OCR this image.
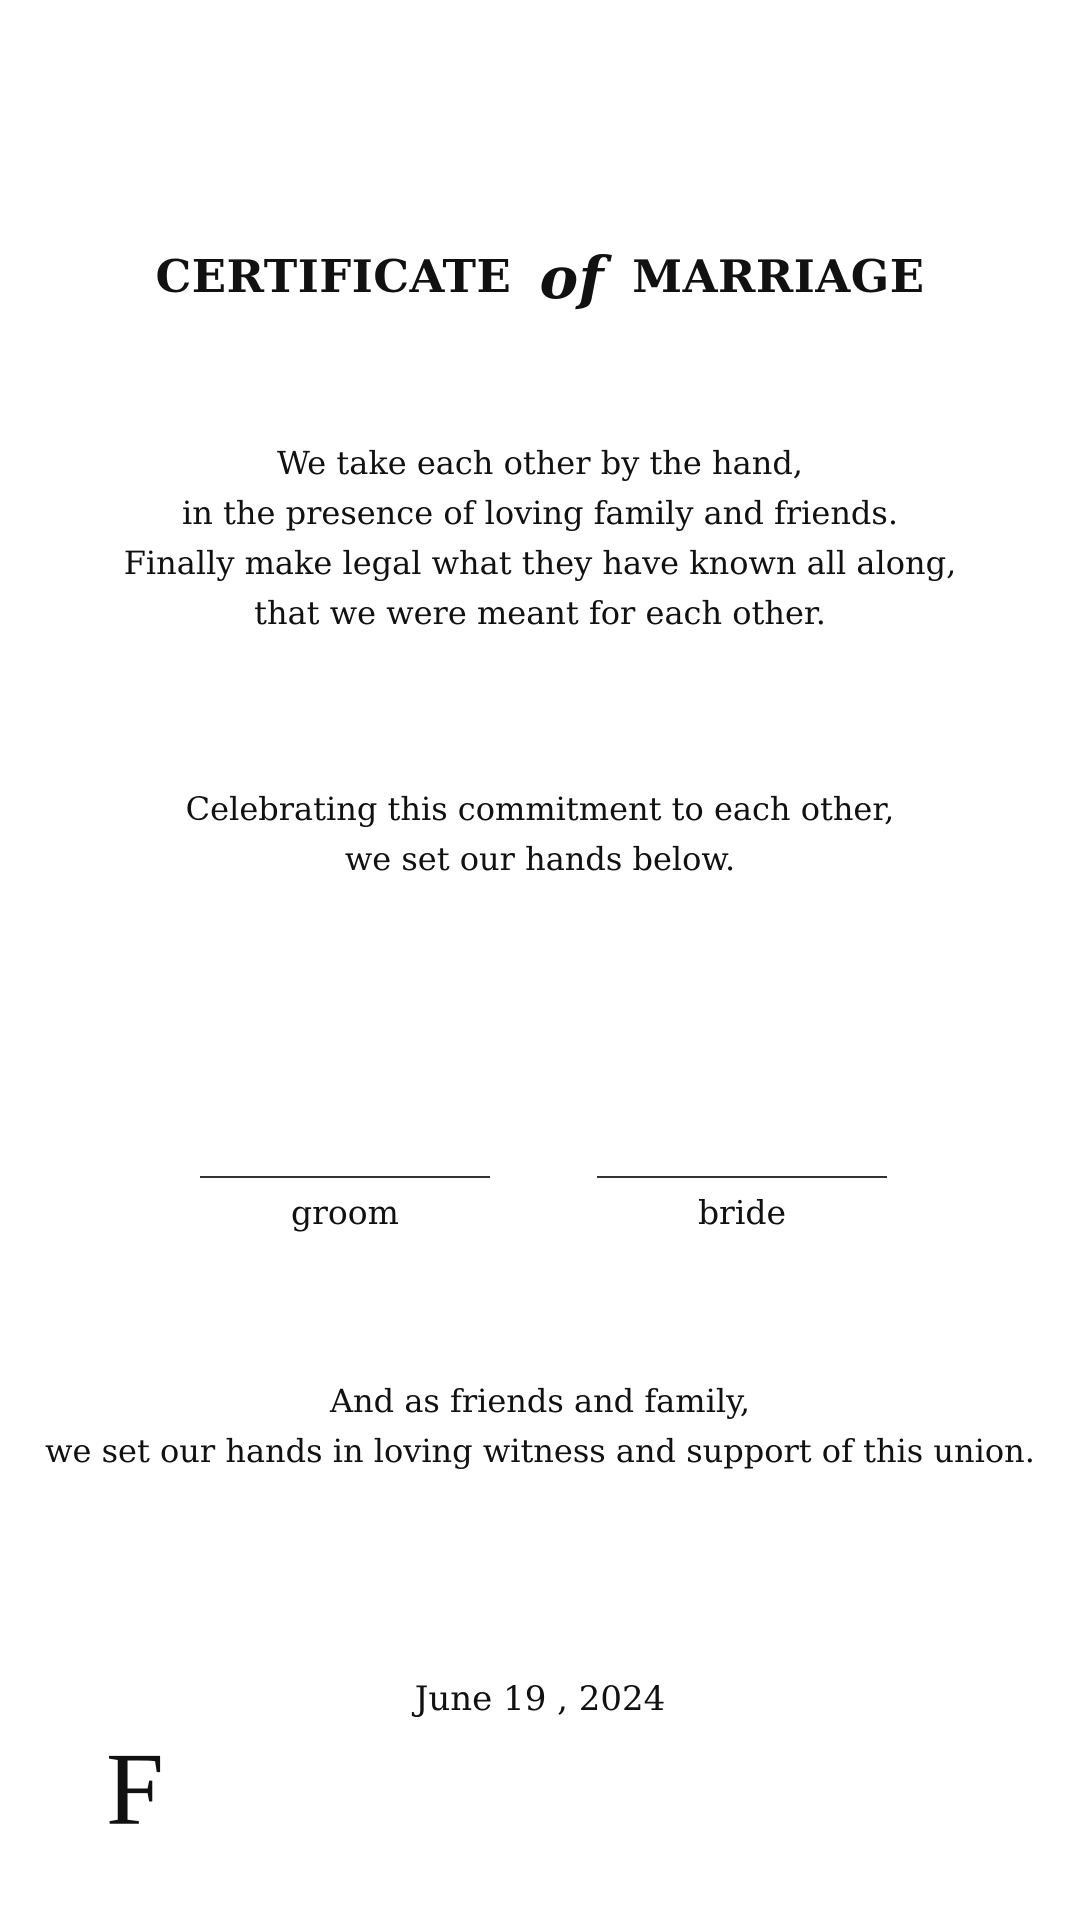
CERTIFICATE of MARRIAGE
We take each other by the hand,
in the presence of loving family and friends.
Finally make legal what they have known all along,
that we were meant for each other.
Celebrating this commitment to each other,
we set our hands below.
groom	bride
And as friends and family,
we set our hands in loving witness and support of this union.
June 19 , 2024
F
